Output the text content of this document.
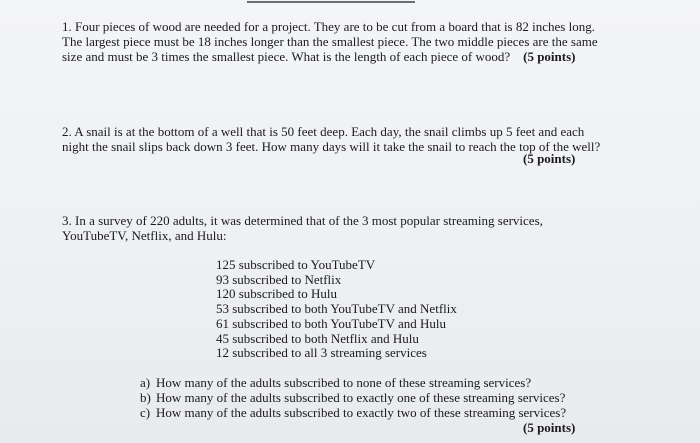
1. Four pieces of wood are needed for a project. They are to be cut from a board that is 82 inches long.
The largest piece must be 18 inches longer than the smallest piece. The two middle pieces are the same
size and must be 3 times the smallest piece. What is the length of each piece of wood? (5 points)
2. A snail is at the bottom of a well that is 50 feet deep. Each day, the snail climbs up 5 feet and each
night the snail slips back down 3 feet. How many days will it take the snail to reach the top of the well?
(5 points)
3. In a survey of 220 adults, it was determined that of the 3 most popular streaming services,
YouTubeTV, Netflix, and Hulu:
125 subscribed to YouTubeTV
93 subscribed to Netflix
120 subscribed to Hulu
53 subscribed to both YouTubeTV and Netflix
61 subscribed to both YouTubeTV and Hulu
45 subscribed to both Netflix and Hulu
12 subscribed to all 3 streaming services
a) How many of the adults subscribed to none of these streaming services?
b) How many of the adults subscribed to exactly one of these streaming services?
c) How many of the adults subscribed to exactly two of these streaming services?
(5 points)
